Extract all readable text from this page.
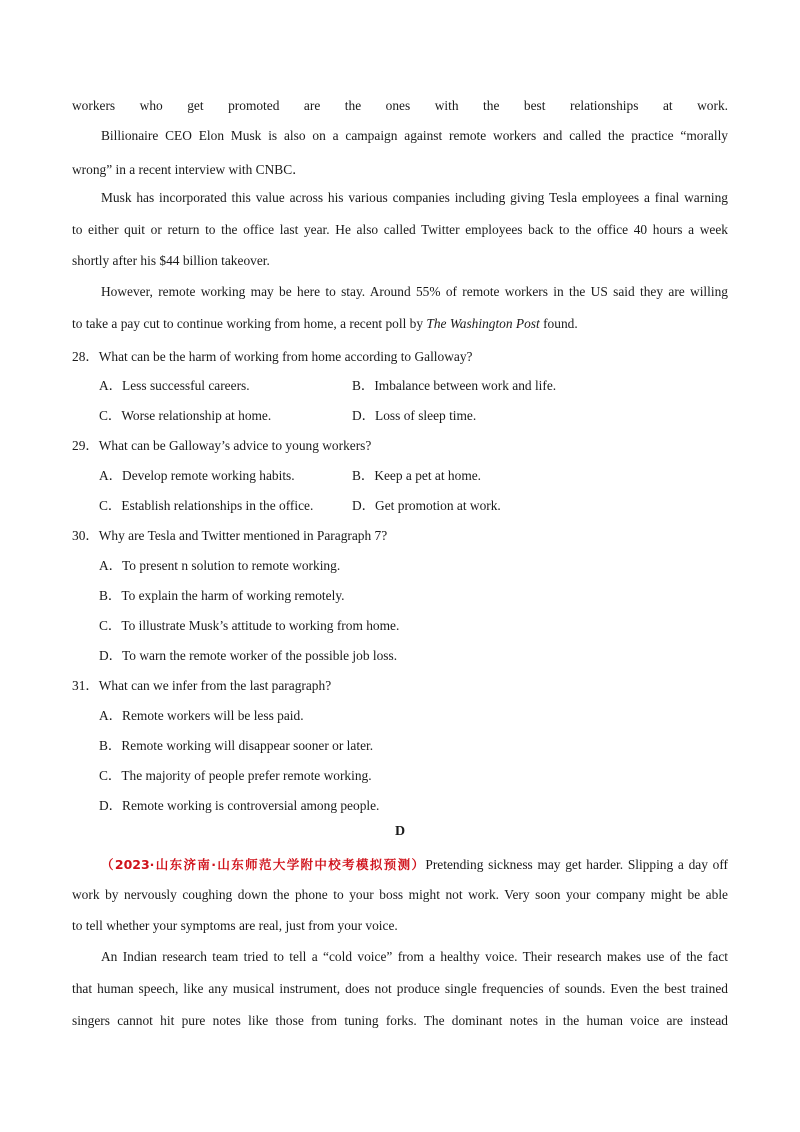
workers who get promoted are the ones with the best relationships at work.

Billionaire CEO Elon Musk is also on a campaign against remote workers and called the practice “morally

wrong” in a recent interview with CNBC．

Musk has incorporated this value across his various companies including giving Tesla employees a final warning

to either quit or return to the office last year. He also called Twitter employees back to the office 40 hours a week

shortly after his $44 billion takeover.

However, remote working may be here to stay. Around 55% of remote workers in the US said they are willing

to take a pay cut to continue working from home, a recent poll by The Washington Post found.

28．What can be the harm of working from home according to Galloway?
A．Less successful careers.	B．Imbalance between work and life.
C．Worse relationship at home.	D．Loss of sleep time.
29．What can be Galloway’s advice to young workers?
A．Develop remote working habits.	B．Keep a pet at home.
C．Establish relationships in the office.	D．Get promotion at work.
30．Why are Tesla and Twitter mentioned in Paragraph 7?
A．To present n solution to remote working.
B．To explain the harm of working remotely.
C．To illustrate Musk’s attitude to working from home.
D．To warn the remote worker of the possible job loss.
31．What can we infer from the last paragraph?
A．Remote workers will be less paid.
B．Remote working will disappear sooner or later.
C．The majority of people prefer remote working.
D．Remote working is controversial among people.
D

（2023·山东济南·山东师范大学附中校考模拟预测）Pretending sickness may get harder. Slipping a day off

work by nervously coughing down the phone to your boss might not work. Very soon your company might be able

to tell whether your symptoms are real, just from your voice.

An Indian research team tried to tell a “cold voice” from a healthy voice. Their research makes use of the fact

that human speech, like any musical instrument, does not produce single frequencies of sounds. Even the best trained

singers cannot hit pure notes like those from tuning forks. The dominant notes in the human voice are instead
